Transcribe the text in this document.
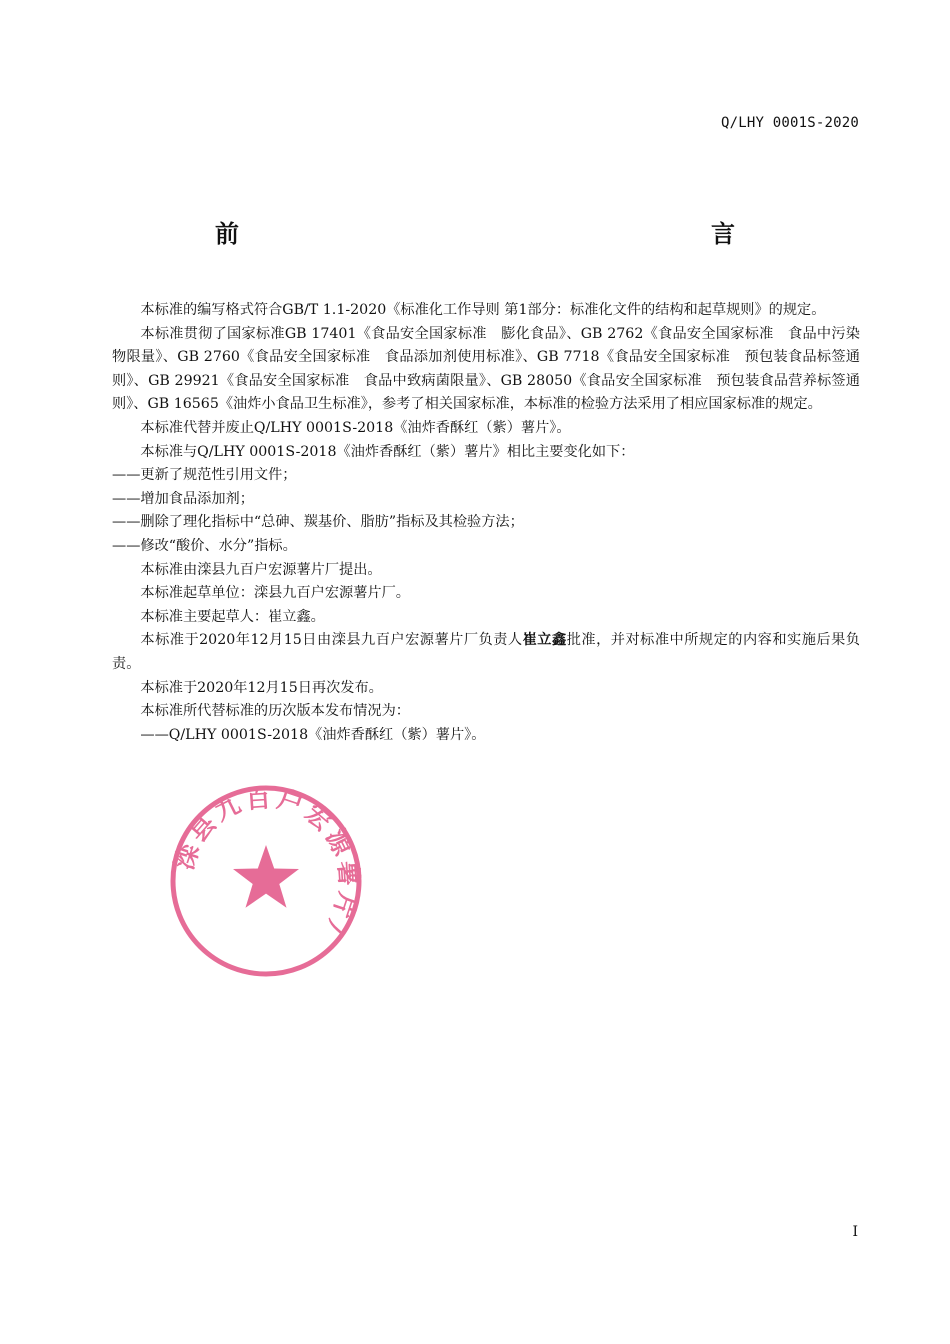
Q/LHY 0001S-2020
前　　　言

本标准的编写格式符合GB/T 1.1-2020《标准化工作导则 第1部分：标准化文件的结构和起草规则》的规定。

本标准贯彻了国家标准GB 17401《食品安全国家标准　膨化食品》、GB 2762《食品安全国家标准　食品中污染物限量》、GB 2760《食品安全国家标准　食品添加剂使用标准》、GB 7718《食品安全国家标准　预包装食品标签通则》、GB 29921《食品安全国家标准　食品中致病菌限量》、GB 28050《食品安全国家标准　预包装食品营养标签通则》、GB 16565《油炸小食品卫生标准》，参考了相关国家标准，本标准的检验方法采用了相应国家标准的规定。

本标准代替并废止Q/LHY 0001S-2018《油炸香酥红（紫）薯片》。

本标准与Q/LHY 0001S-2018《油炸香酥红（紫）薯片》相比主要变化如下：

——更新了规范性引用文件；

——增加食品添加剂；

——删除了理化指标中“总砷、羰基价、脂肪”指标及其检验方法；

——修改“酸价、水分”指标。

本标准由滦县九百户宏源薯片厂提出。

本标准起草单位：滦县九百户宏源薯片厂。

本标准主要起草人：崔立鑫。

本标准于2020年12月15日由滦县九百户宏源薯片厂负责人崔立鑫批准，并对标准中所规定的内容和实施后果负责。

本标准于2020年12月15日再次发布。

本标准所代替标准的历次版本发布情况为：

——Q/LHY 0001S-2018《油炸香酥红（紫）薯片》。

滦县九百户宏源薯片厂
I
